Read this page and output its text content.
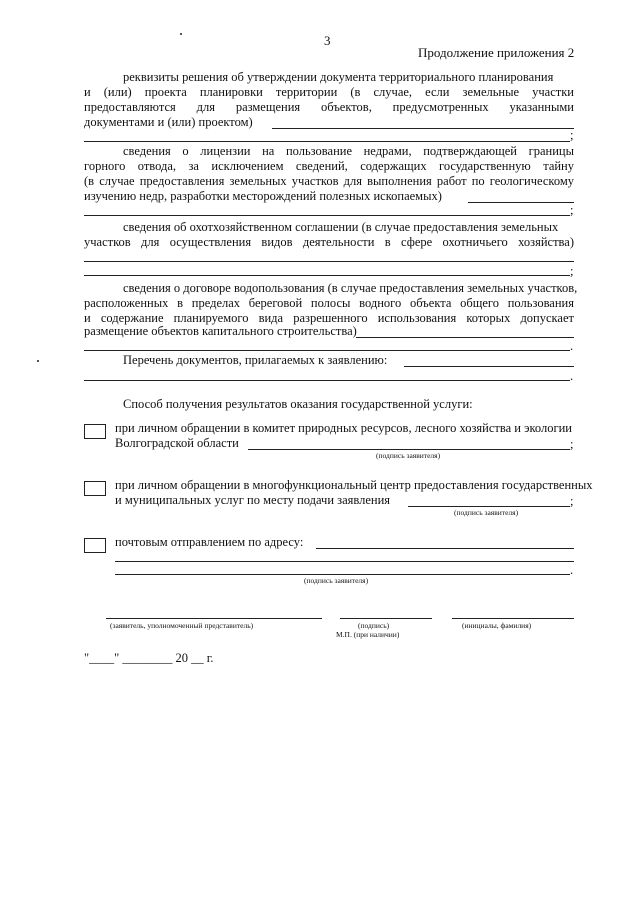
3
Продолжение приложения 2
реквизиты решения об утверждении документа территориального планирования
и (или) проекта планировки территории (в случае, если земельные участки
предоставляются для размещения объектов, предусмотренных указанными
документами и (или) проектом)
;
сведения о лицензии на пользование недрами, подтверждающей границы
горного отвода, за исключением сведений, содержащих государственную тайну
(в случае предоставления земельных участков для выполнения работ по геологическому
изучению недр, разработки месторождений полезных ископаемых)
;
сведения об охотхозяйственном соглашении (в случае предоставления земельных
участков для осуществления видов деятельности в сфере охотничьего хозяйства)
;
сведения о договоре водопользования (в случае предоставления земельных участков,
расположенных в пределах береговой полосы водного объекта общего пользования
и содержание планируемого вида разрешенного использования которых допускает
размещение объектов капитального строительства)
.
Перечень документов, прилагаемых к заявлению:
.
Способ получения результатов оказания государственной услуги:
при личном обращении в комитет природных ресурсов, лесного хозяйства и экологии
Волгоградской области	;
(подпись заявителя)
при личном обращении в многофункциональный центр предоставления государственных
и муниципальных услуг по месту подачи заявления	;
(подпись заявителя)
почтовым отправлением по адресу:
.
(подпись заявителя)
(заявитель, уполномоченный представитель)	(подпись)	(инициалы, фамилия)
М.П. (при наличии)
"____" ________ 20 __ г.
